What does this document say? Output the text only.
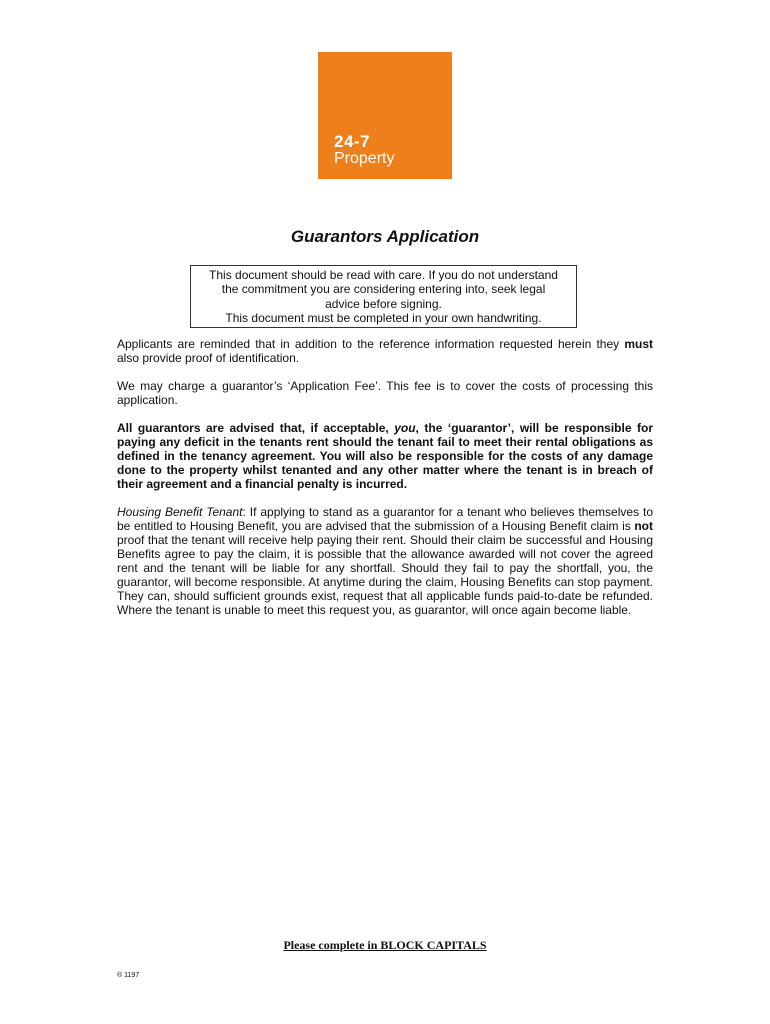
24-7
Property
Guarantors Application
This document should be read with care. If you do not understand
the commitment you are considering entering into, seek legal
advice before signing.
This document must be completed in your own handwriting.
Applicants are reminded that in addition to the reference information requested herein they must also provide proof of identification.
We may charge a guarantor’s ‘Application Fee’. This fee is to cover the costs of processing this application.
All guarantors are advised that, if acceptable, you, the ‘guarantor’, will be responsible for paying any deficit in the tenants rent should the tenant fail to meet their rental obligations as defined in the tenancy agreement. You will also be responsible for the costs of any damage done to the property whilst tenanted and any other matter where the tenant is in breach of their agreement and a financial penalty is incurred.
Housing Benefit Tenant: If applying to stand as a guarantor for a tenant who believes themselves to be entitled to Housing Benefit, you are advised that the submission of a Housing Benefit claim is not proof that the tenant will receive help paying their rent. Should their claim be successful and Housing Benefits agree to pay the claim, it is possible that the allowance awarded will not cover the agreed rent and the tenant will be liable for any shortfall. Should they fail to pay the shortfall, you, the guarantor, will become responsible. At anytime during the claim, Housing Benefits can stop payment. They can, should sufficient grounds exist, request that all applicable funds paid-to-date be refunded. Where the tenant is unable to meet this request you, as guarantor, will once again become liable.
Please complete in BLOCK CAPITALS
® 1197
